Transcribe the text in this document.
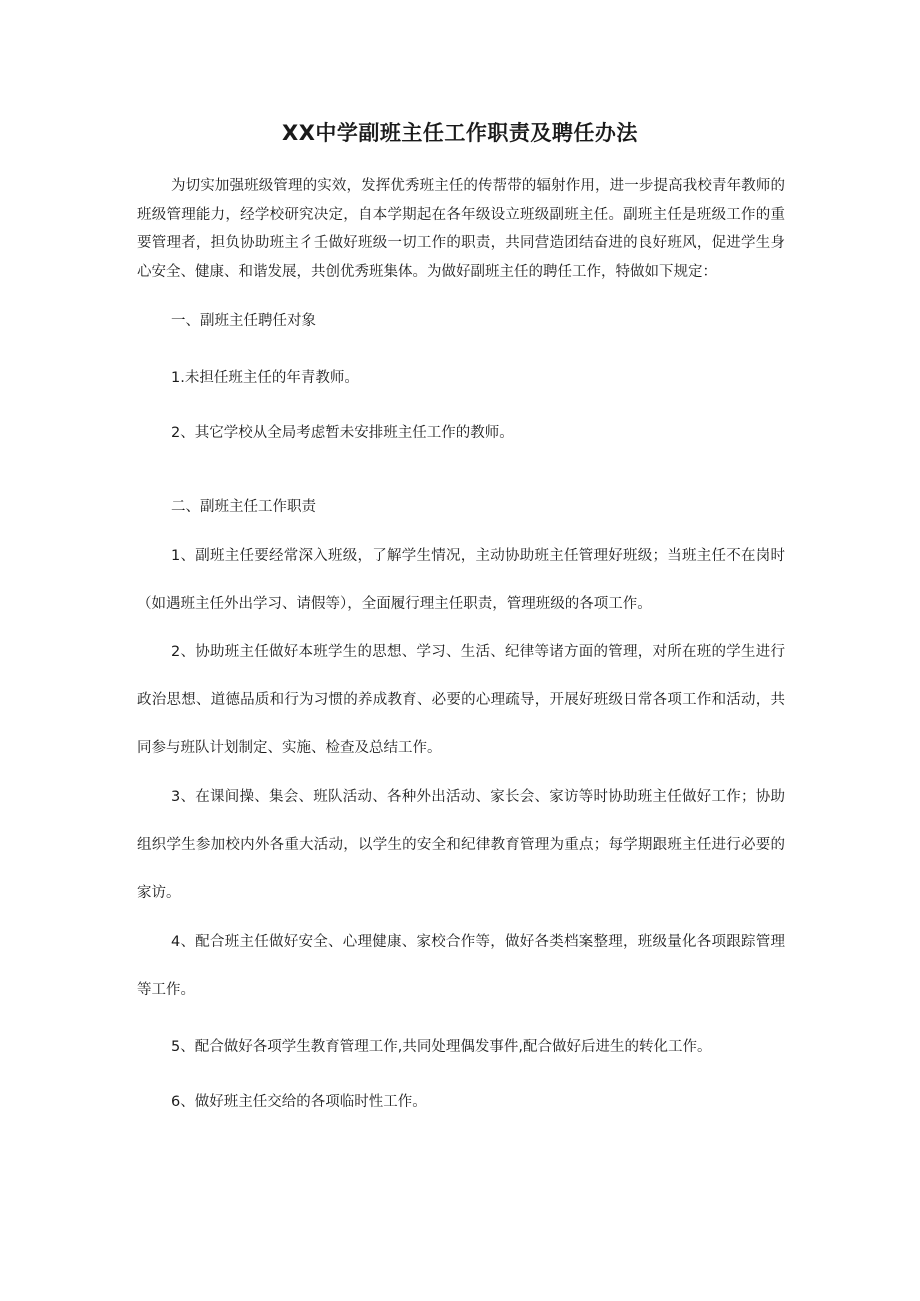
XX中学副班主任工作职责及聘任办法

为切实加强班级管理的实效，发挥优秀班主任的传帮带的辐射作用，进一步提高我校青年教师的班级管理能力，经学校研究决定，自本学期起在各年级设立班级副班主任。副班主任是班级工作的重要管理者，担负协助班主彳壬做好班级一切工作的职责，共同营造团结奋进的良好班风，促进学生身心安全、健康、和谐发展，共创优秀班集体。为做好副班主任的聘任工作，特做如下规定：

一、副班主任聘任对象

1.未担任班主任的年青教师。

2、其它学校从全局考虑暂未安排班主任工作的教师。

二、副班主任工作职责

1、副班主任要经常深入班级，了解学生情况，主动协助班主任管理好班级；当班主任不在岗时（如遇班主任外出学习、请假等），全面履行理主任职责，管理班级的各项工作。

2、协助班主任做好本班学生的思想、学习、生活、纪律等诸方面的管理，对所在班的学生进行政治思想、道德品质和行为习惯的养成教育、必要的心理疏导，开展好班级日常各项工作和活动，共同参与班队计划制定、实施、检查及总结工作。

3、在课间操、集会、班队活动、各种外出活动、家长会、家访等时协助班主任做好工作；协助组织学生参加校内外各重大活动，以学生的安全和纪律教育管理为重点；每学期跟班主任进行必要的家访。

4、配合班主任做好安全、心理健康、家校合作等，做好各类档案整理，班级量化各项跟踪管理等工作。

5、配合做好各项学生教育管理工作,共同处理偶发事件,配合做好后进生的转化工作。

6、做好班主任交给的各项临时性工作。
